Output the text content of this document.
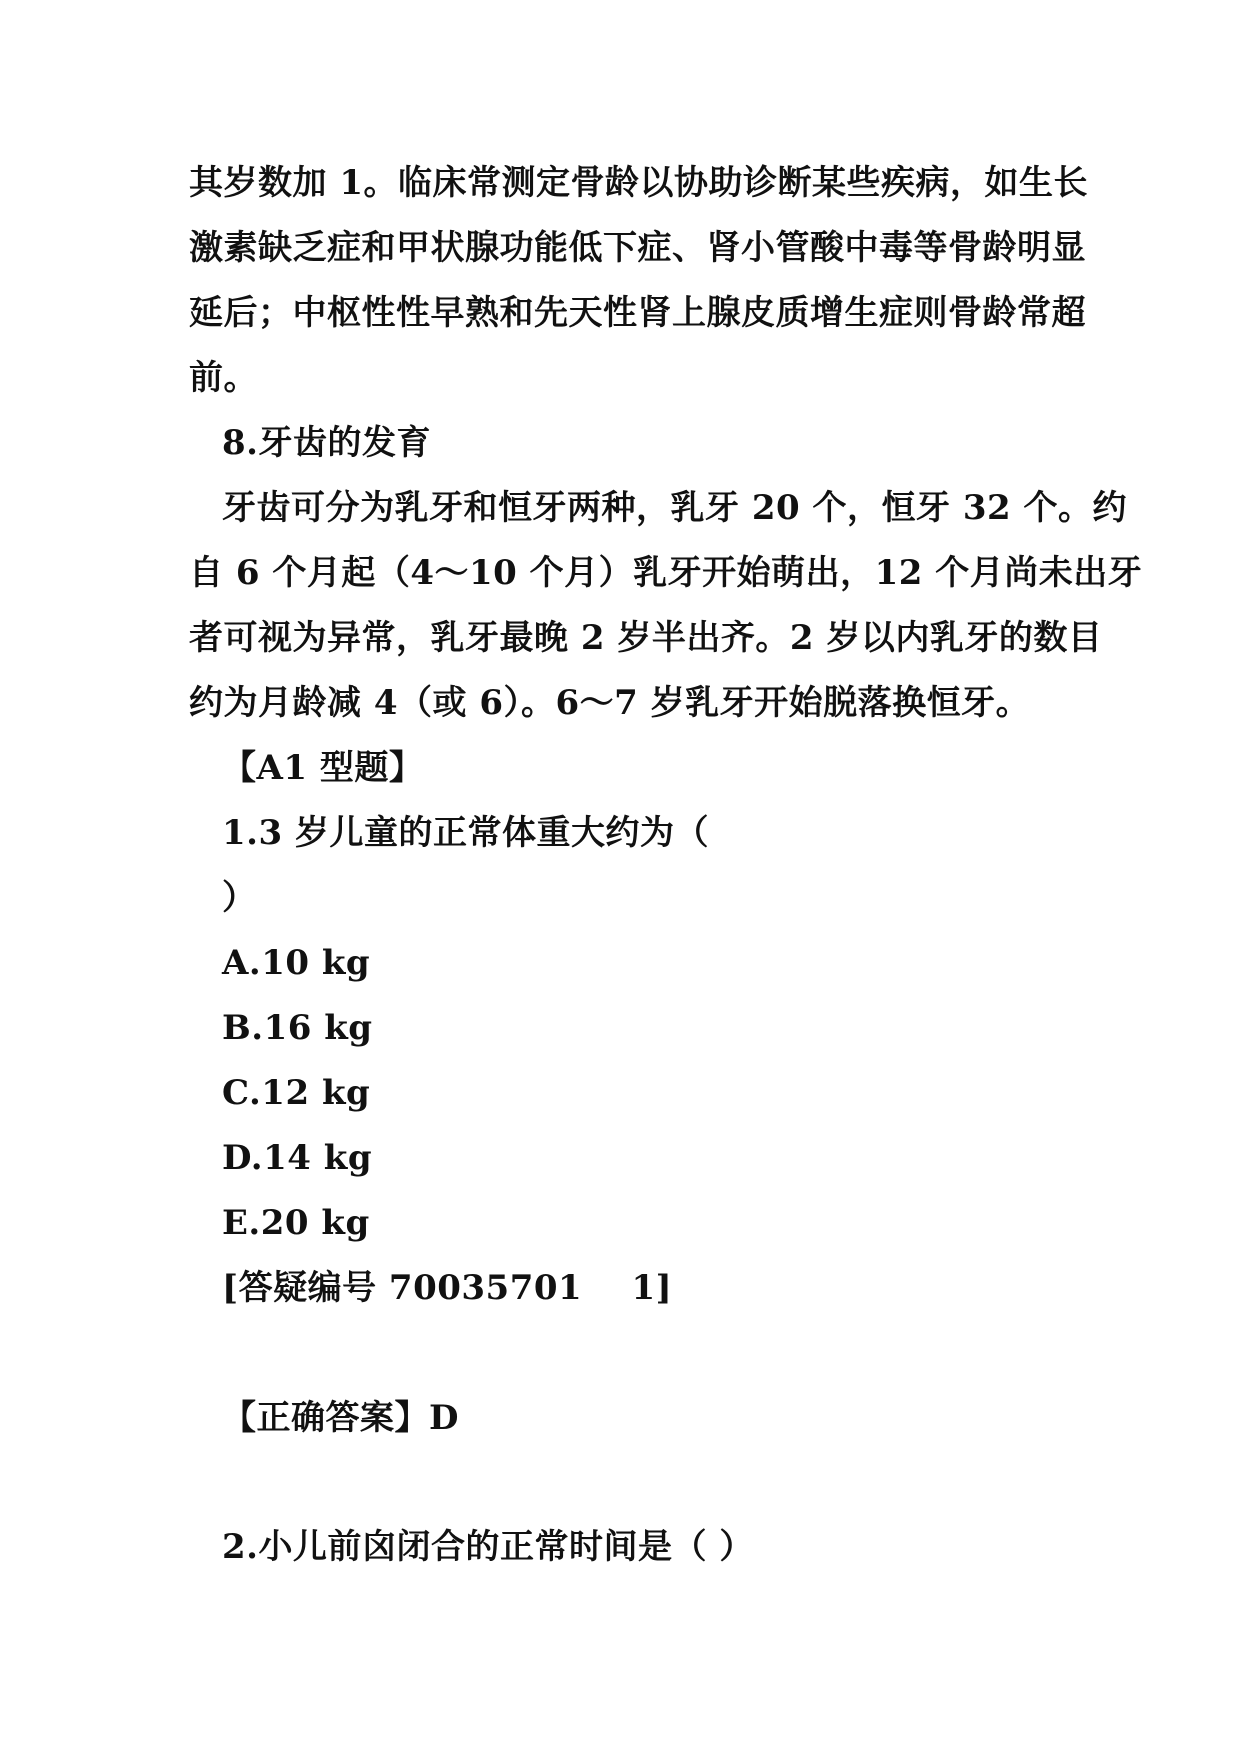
其岁数加 1。临床常测定骨龄以协助诊断某些疾病，如生长
激素缺乏症和甲状腺功能低下症、肾小管酸中毒等骨龄明显
延后；中枢性性早熟和先天性肾上腺皮质增生症则骨龄常超
前。
8.牙齿的发育
牙齿可分为乳牙和恒牙两种，乳牙 20 个，恒牙 32 个。约
自 6 个月起（4～10 个月）乳牙开始萌出，12 个月尚未出牙
者可视为异常，乳牙最晚 2 岁半出齐。2 岁以内乳牙的数目
约为月龄减 4（或 6）。6～7 岁乳牙开始脱落换恒牙。
【A1 型题】
1.3 岁儿童的正常体重大约为（
）
A.10 kg
B.16 kg
C.12 kg
D.14 kg
E.20 kg
[答疑编号 70035701    1]
【正确答案】D
2.小儿前囟闭合的正常时间是（ ）
